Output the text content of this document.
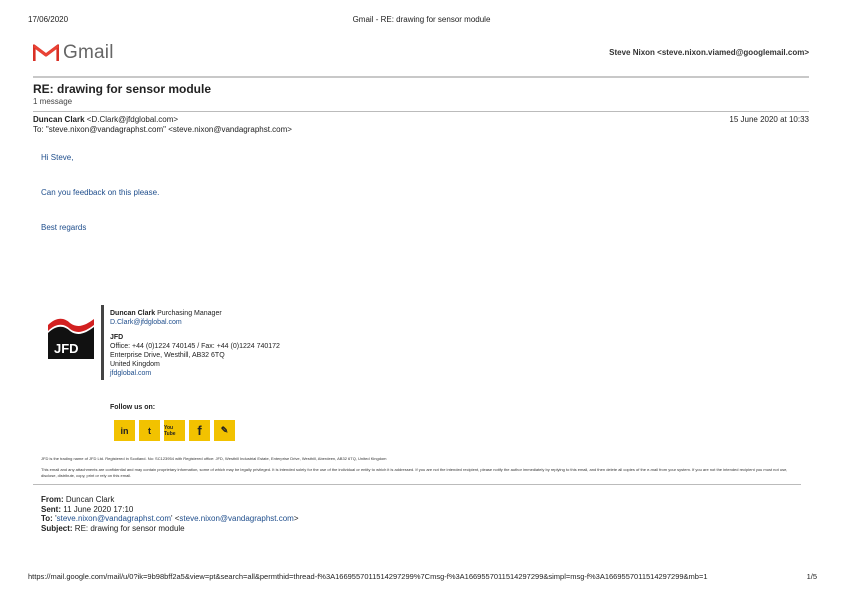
17/06/2020	Gmail - RE: drawing for sensor module
Gmail	Steve Nixon <steve.nixon.viamed@googlemail.com>
RE: drawing for sensor module
1 message
Duncan Clark <D.Clark@jfdglobal.com>	15 June 2020 at 10:33
To: "steve.nixon@vandagraphst.com" <steve.nixon@vandagraphst.com>
Hi Steve,
Can you feedback on this please.
Best regards
JFD
Duncan Clark Purchasing Manager
D.Clark@jfdglobal.com
JFD
Office: +44 (0)1224 740145 / Fax: +44 (0)1224 740172
Enterprise Drive, Westhill, AB32 6TQ
United Kingdom
jfdglobal.com
Follow us on:
in	t	You Tube	f	✎
JFD is the trading name of JFD Ltd. Registered in Scotland. No: SC123954 with Registered office: JFD, Westhill Industrial Estate, Enterprise Drive, Westhill, Aberdeen, AB32 6TQ, United Kingdom
This email and any attachments are confidential and may contain proprietary information, some of which may be legally privileged. It is intended solely for the use of the individual or entity to which it is addressed. If you are not the intended recipient, please notify the author immediately by replying to this email, and then delete all copies of the e-mail from your system. If you are not the intended recipient you must not use, disclose, distribute, copy, print or rely on this email.
From: Duncan Clark
Sent: 11 June 2020 17:10
To: 'steve.nixon@vandagraphst.com' <steve.nixon@vandagraphst.com>
Subject: RE: drawing for sensor module
https://mail.google.com/mail/u/0?ik=9b98bff2a5&view=pt&search=all&permthid=thread-f%3A1669557011514297299%7Cmsg-f%3A1669557011514297299&simpl=msg-f%3A1669557011514297299&mb=1	1/5
